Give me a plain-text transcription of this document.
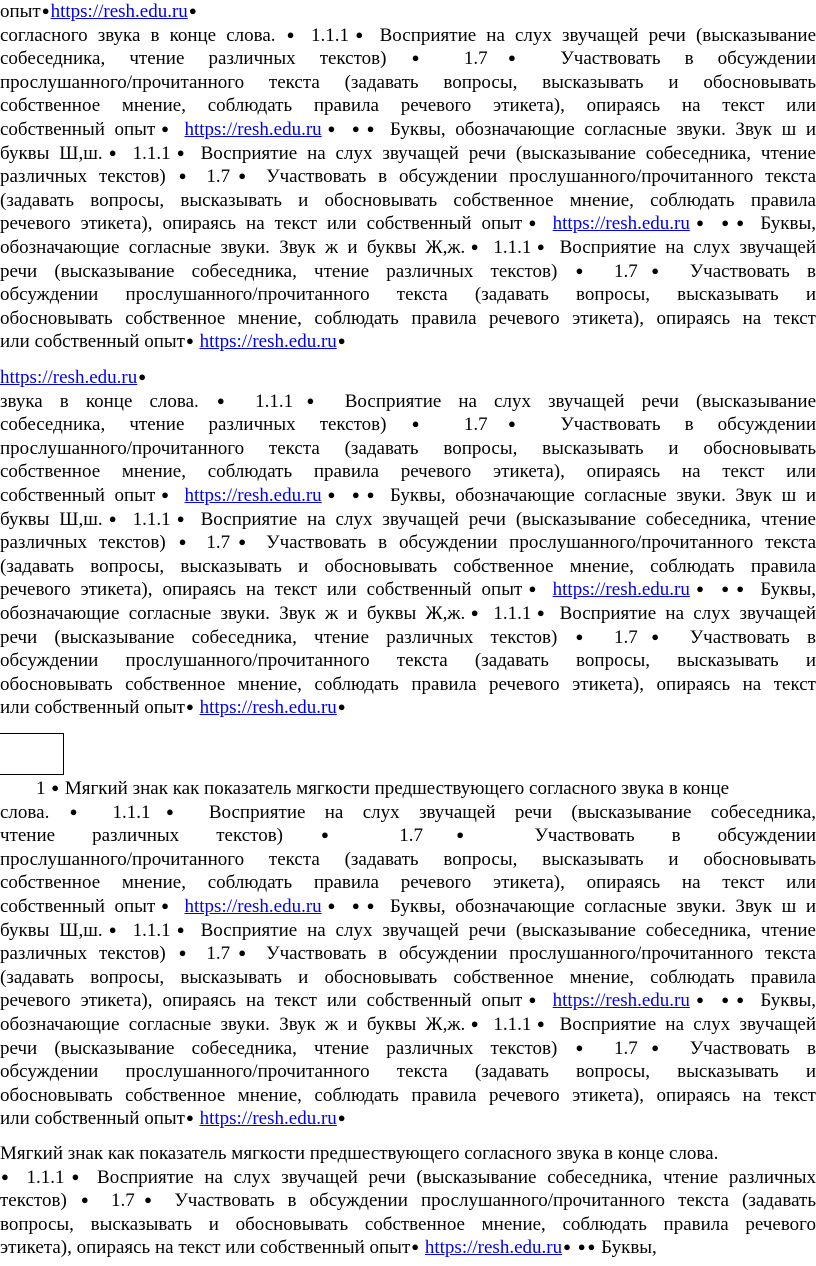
опыт●https://resh.edu.ru●
согласного звука в конце слова. ● 1.1.1● Восприятие на слух звучащей речи (высказывание
собеседника, чтение различных текстов) ● 1.7● Участвовать в обсуждении
прослушанного/прочитанного текста (задавать вопросы, высказывать и обосновывать
собственное мнение, соблюдать правила речевого этикета), опираясь на текст или
собственный опыт● https://resh.edu.ru● ● ● Буквы, обозначающие согласные звуки. Звук ш и
буквы Ш,ш.● 1.1.1● Восприятие на слух звучащей речи (высказывание собеседника, чтение
различных текстов) ● 1.7● Участвовать в обсуждении прослушанного/прочитанного текста
(задавать вопросы, высказывать и обосновывать собственное мнение, соблюдать правила
речевого этикета), опираясь на текст или собственный опыт● https://resh.edu.ru● ● ● Буквы,
обозначающие согласные звуки. Звук ж и буквы Ж,ж.● 1.1.1● Восприятие на слух звучащей
речи (высказывание собеседника, чтение различных текстов) ● 1.7● Участвовать в
обсуждении прослушанного/прочитанного текста (задавать вопросы, высказывать и
обосновывать собственное мнение, соблюдать правила речевого этикета), опираясь на текст
или собственный опыт● https://resh.edu.ru●
https://resh.edu.ru●
звука в конце слова. ● 1.1.1● Восприятие на слух звучащей речи (высказывание
собеседника, чтение различных текстов) ● 1.7● Участвовать в обсуждении
прослушанного/прочитанного текста (задавать вопросы, высказывать и обосновывать
собственное мнение, соблюдать правила речевого этикета), опираясь на текст или
собственный опыт● https://resh.edu.ru● ● ● Буквы, обозначающие согласные звуки. Звук ш и
буквы Ш,ш.● 1.1.1● Восприятие на слух звучащей речи (высказывание собеседника, чтение
различных текстов) ● 1.7● Участвовать в обсуждении прослушанного/прочитанного текста
(задавать вопросы, высказывать и обосновывать собственное мнение, соблюдать правила
речевого этикета), опираясь на текст или собственный опыт● https://resh.edu.ru● ● ● Буквы,
обозначающие согласные звуки. Звук ж и буквы Ж,ж.● 1.1.1● Восприятие на слух звучащей
речи (высказывание собеседника, чтение различных текстов) ● 1.7● Участвовать в
обсуждении прослушанного/прочитанного текста (задавать вопросы, высказывать и
обосновывать собственное мнение, соблюдать правила речевого этикета), опираясь на текст
или собственный опыт● https://resh.edu.ru●
1 ● Мягкий знак как показатель мягкости предшествующего согласного звука в конце
слова. ● 1.1.1● Восприятие на слух звучащей речи (высказывание собеседника,
чтение различных текстов) ● 1.7● Участвовать в обсуждении
прослушанного/прочитанного текста (задавать вопросы, высказывать и обосновывать
собственное мнение, соблюдать правила речевого этикета), опираясь на текст или
собственный опыт● https://resh.edu.ru● ● ● Буквы, обозначающие согласные звуки. Звук ш и
буквы Ш,ш.● 1.1.1● Восприятие на слух звучащей речи (высказывание собеседника, чтение
различных текстов) ● 1.7● Участвовать в обсуждении прослушанного/прочитанного текста
(задавать вопросы, высказывать и обосновывать собственное мнение, соблюдать правила
речевого этикета), опираясь на текст или собственный опыт● https://resh.edu.ru● ● ● Буквы,
обозначающие согласные звуки. Звук ж и буквы Ж,ж.● 1.1.1● Восприятие на слух звучащей
речи (высказывание собеседника, чтение различных текстов) ● 1.7● Участвовать в
обсуждении прослушанного/прочитанного текста (задавать вопросы, высказывать и
обосновывать собственное мнение, соблюдать правила речевого этикета), опираясь на текст
или собственный опыт● https://resh.edu.ru●
Мягкий знак как показатель мягкости предшествующего согласного звука в конце слова.
● 1.1.1● Восприятие на слух звучащей речи (высказывание собеседника, чтение различных
текстов) ● 1.7● Участвовать в обсуждении прослушанного/прочитанного текста (задавать
вопросы, высказывать и обосновывать собственное мнение, соблюдать правила речевого
этикета), опираясь на текст или собственный опыт● https://resh.edu.ru● ● ● Буквы,
